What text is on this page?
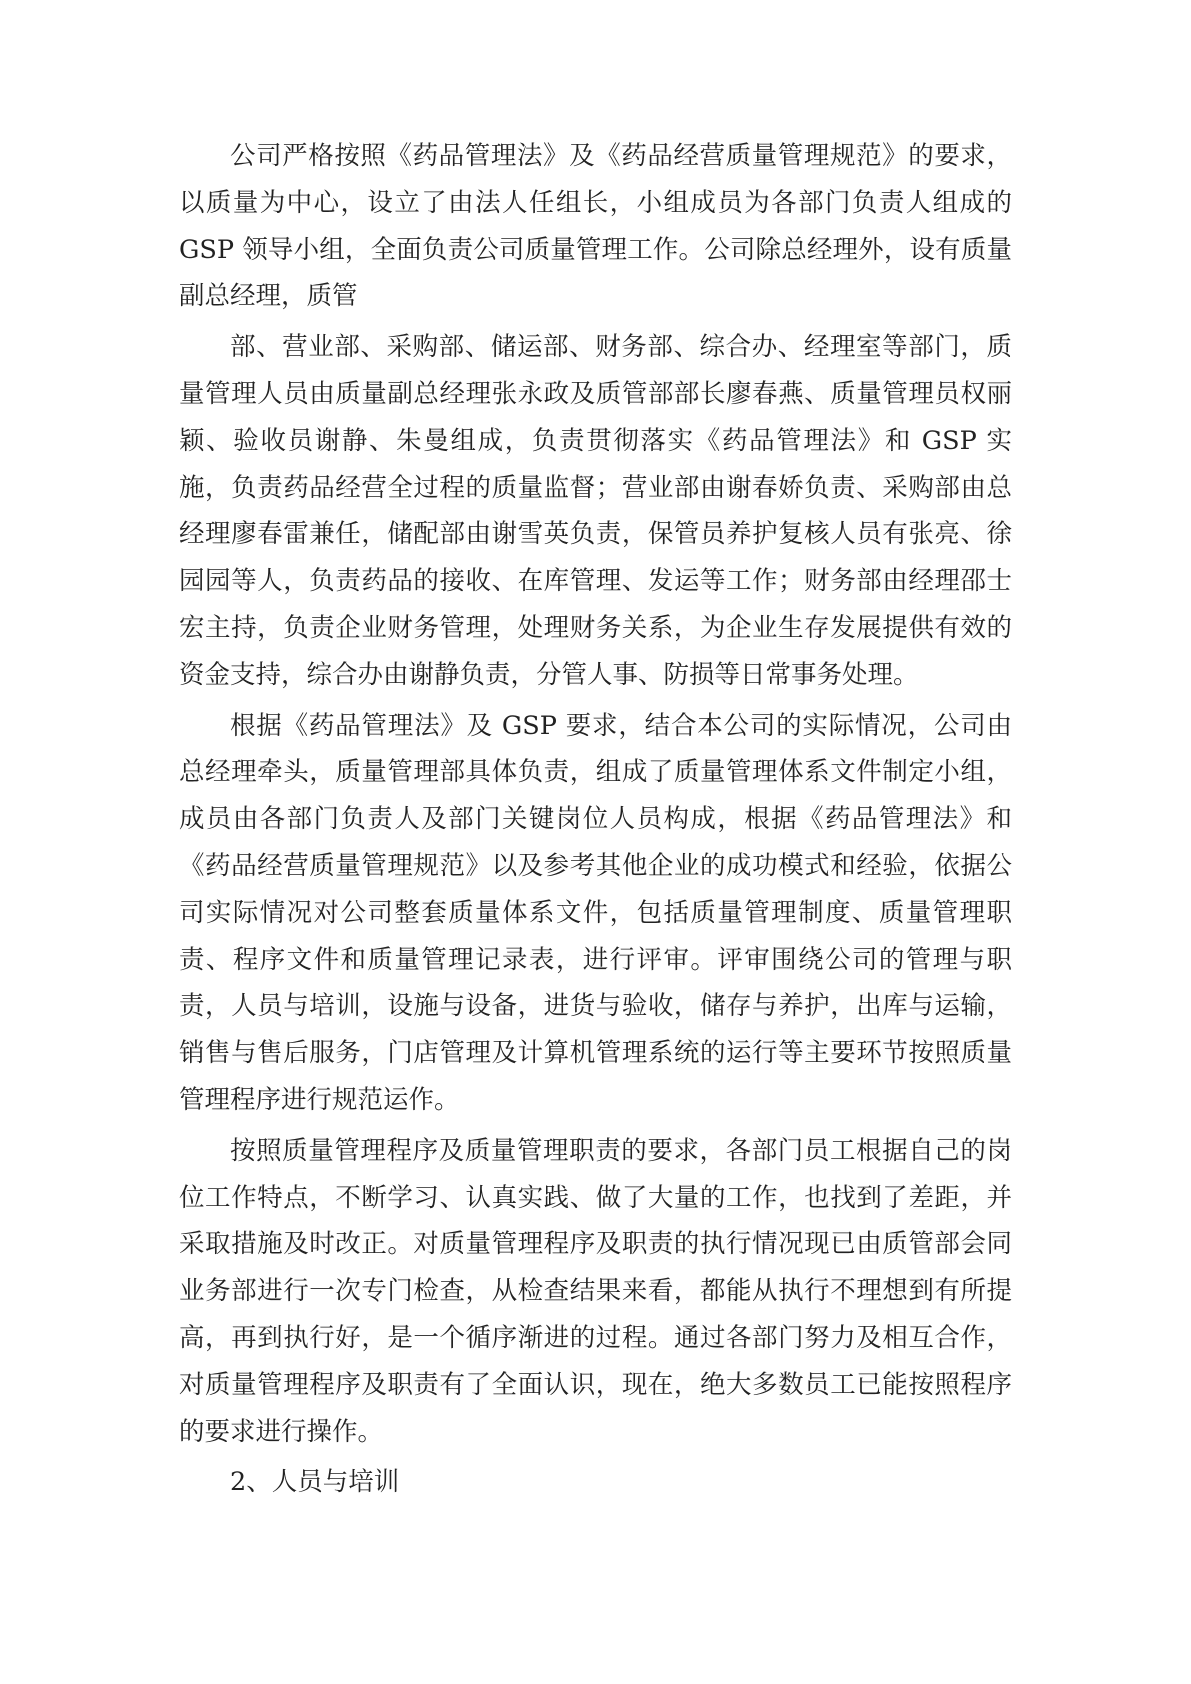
公司严格按照《药品管理法》及《药品经营质量管理规范》的要求，以质量为中心，设立了由法人任组长，小组成员为各部门负责人组成的 GSP 领导小组，全面负责公司质量管理工作。公司除总经理外，设有质量副总经理，质管

部、营业部、采购部、储运部、财务部、综合办、经理室等部门，质量管理人员由质量副总经理张永政及质管部部长廖春燕、质量管理员权丽颖、验收员谢静、朱曼组成，负责贯彻落实《药品管理法》和 GSP 实施，负责药品经营全过程的质量监督；营业部由谢春娇负责、采购部由总经理廖春雷兼任，储配部由谢雪英负责，保管员养护复核人员有张亮、徐园园等人，负责药品的接收、在库管理、发运等工作；财务部由经理邵士宏主持，负责企业财务管理，处理财务关系，为企业生存发展提供有效的资金支持，综合办由谢静负责，分管人事、防损等日常事务处理。

根据《药品管理法》及 GSP 要求，结合本公司的实际情况，公司由总经理牵头，质量管理部具体负责，组成了质量管理体系文件制定小组，成员由各部门负责人及部门关键岗位人员构成，根据《药品管理法》和《药品经营质量管理规范》以及参考其他企业的成功模式和经验，依据公司实际情况对公司整套质量体系文件，包括质量管理制度、质量管理职责、程序文件和质量管理记录表，进行评审。评审围绕公司的管理与职责，人员与培训，设施与设备，进货与验收，储存与养护，出库与运输，销售与售后服务，门店管理及计算机管理系统的运行等主要环节按照质量管理程序进行规范运作。

按照质量管理程序及质量管理职责的要求，各部门员工根据自己的岗位工作特点，不断学习、认真实践、做了大量的工作，也找到了差距，并采取措施及时改正。对质量管理程序及职责的执行情况现已由质管部会同业务部进行一次专门检查，从检查结果来看，都能从执行不理想到有所提高，再到执行好，是一个循序渐进的过程。通过各部门努力及相互合作，对质量管理程序及职责有了全面认识，现在，绝大多数员工已能按照程序的要求进行操作。

2、人员与培训
